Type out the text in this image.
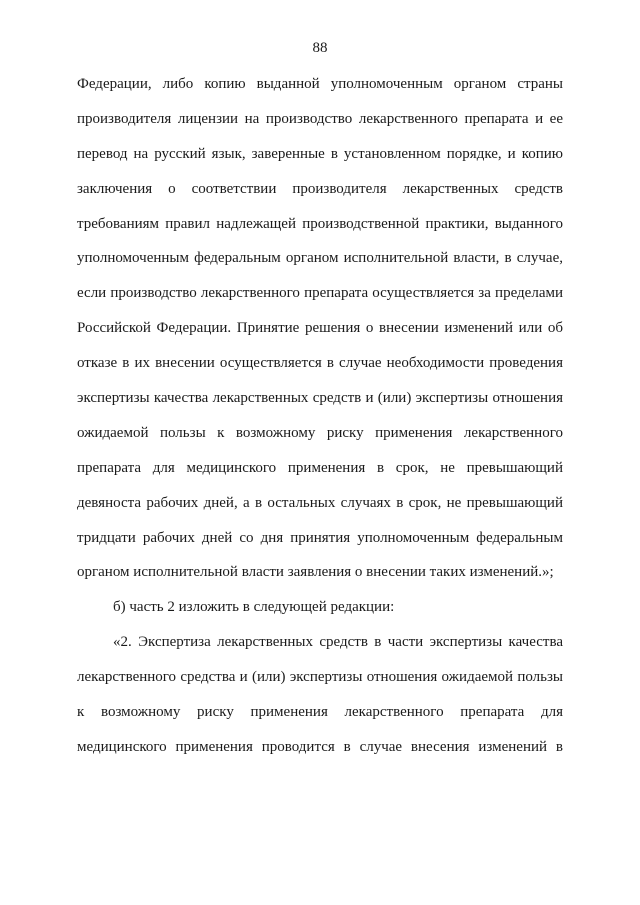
88
Федерации, либо копию выданной уполномоченным органом страны
производителя лицензии на производство лекарственного препарата и ее
перевод на русский язык, заверенные в установленном порядке, и копию
заключения о соответствии производителя лекарственных средств
требованиям правил надлежащей производственной практики, выданного
уполномоченным федеральным органом исполнительной власти, в случае,
если производство лекарственного препарата осуществляется за пределами
Российской Федерации. Принятие решения о внесении изменений или об
отказе в их внесении осуществляется в случае необходимости проведения
экспертизы качества лекарственных средств и (или) экспертизы отношения
ожидаемой пользы к возможному риску применения лекарственного
препарата для медицинского применения в срок, не превышающий
девяноста рабочих дней, а в остальных случаях в срок, не превышающий
тридцати рабочих дней со дня принятия уполномоченным федеральным
органом исполнительной власти заявления о внесении таких изменений.»;
б) часть 2 изложить в следующей редакции:
«2. Экспертиза лекарственных средств в части экспертизы качества
лекарственного средства и (или) экспертизы отношения ожидаемой пользы
к возможному риску применения лекарственного препарата для
медицинского применения проводится в случае внесения изменений в
